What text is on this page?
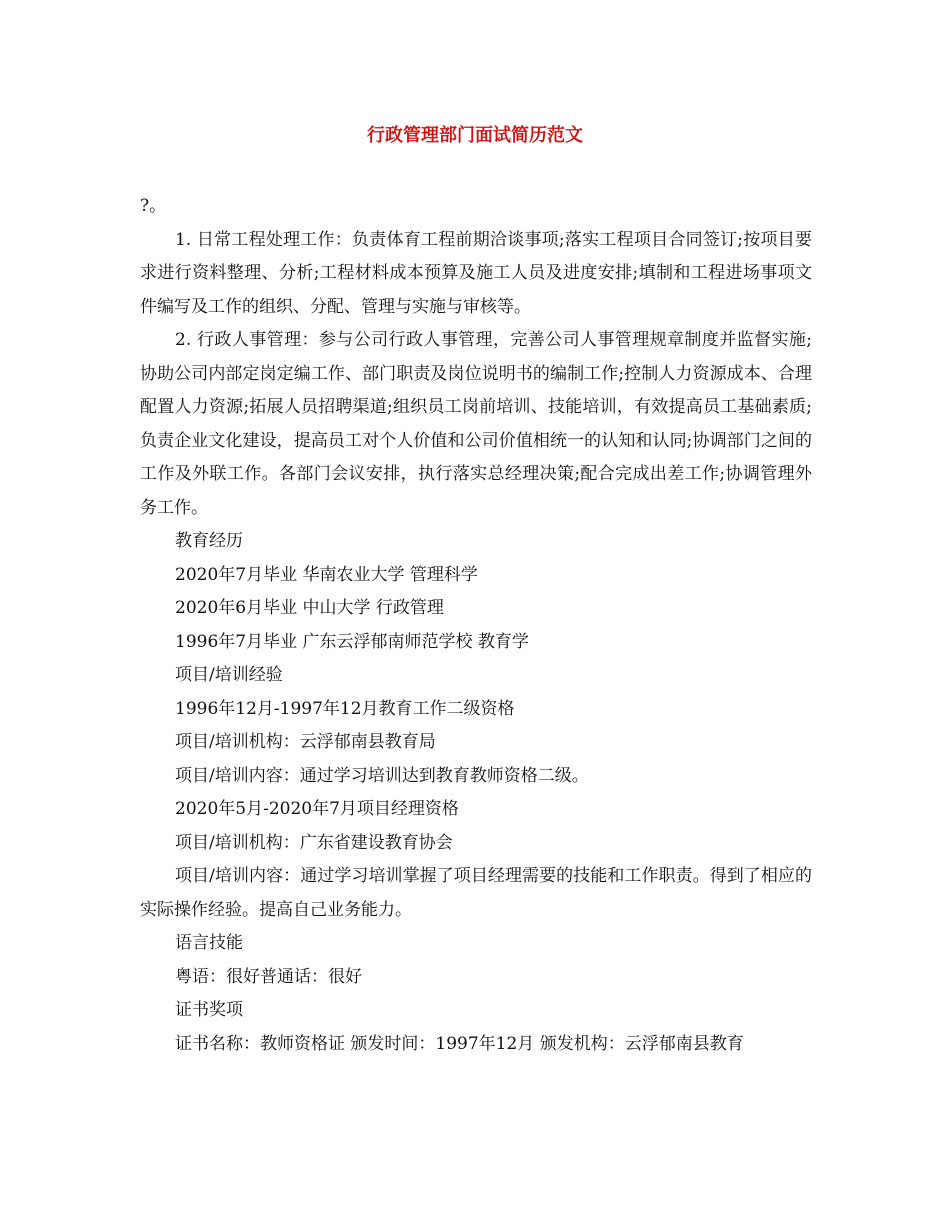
行政管理部门面试简历范文

?。

1. 日常工程处理工作：负责体育工程前期洽谈事项;落实工程项目合同签订;按项目要求进行资料整理、分析;工程材料成本预算及施工人员及进度安排;填制和工程进场事项文件编写及工作的组织、分配、管理与实施与审核等。

2. 行政人事管理：参与公司行政人事管理，完善公司人事管理规章制度并监督实施;协助公司内部定岗定编工作、部门职责及岗位说明书的编制工作;控制人力资源成本、合理配置人力资源;拓展人员招聘渠道;组织员工岗前培训、技能培训，有效提高员工基础素质;负责企业文化建设，提高员工对个人价值和公司价值相统一的认知和认同;协调部门之间的工作及外联工作。各部门会议安排，执行落实总经理决策;配合完成出差工作;协调管理外务工作。

教育经历

2020年7月毕业 华南农业大学 管理科学

2020年6月毕业 中山大学 行政管理

1996年7月毕业 广东云浮郁南师范学校 教育学

项目/培训经验

1996年12月-1997年12月教育工作二级资格

项目/培训机构：云浮郁南县教育局

项目/培训内容：通过学习培训达到教育教师资格二级。

2020年5月-2020年7月项目经理资格

项目/培训机构：广东省建设教育协会

项目/培训内容：通过学习培训掌握了项目经理需要的技能和工作职责。得到了相应的实际操作经验。提高自己业务能力。

语言技能

粤语：很好普通话：很好

证书奖项

证书名称：教师资格证 颁发时间：1997年12月 颁发机构：云浮郁南县教育
